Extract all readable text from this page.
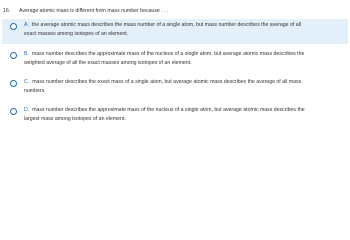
16. Average atomic mass is different from mass number because . . .
A. the average atomic mass describes the mass number of a single atom, but mass number describes the average of all
exact masses among isotopes of an element.
B. mass number describes the approximate mass of the nucleus of a single atom, but average atomic mass describes the
weighted average of all the exact masses among isotopes of an element.
C. mass number describes the exact mass of a single atom, but average atomic mass describes the average of all mass
numbers.
D. mass number describes the approximate mass of the nucleus of a single atom, but average atomic mass describes the
largest mass among isotopes of an element.
